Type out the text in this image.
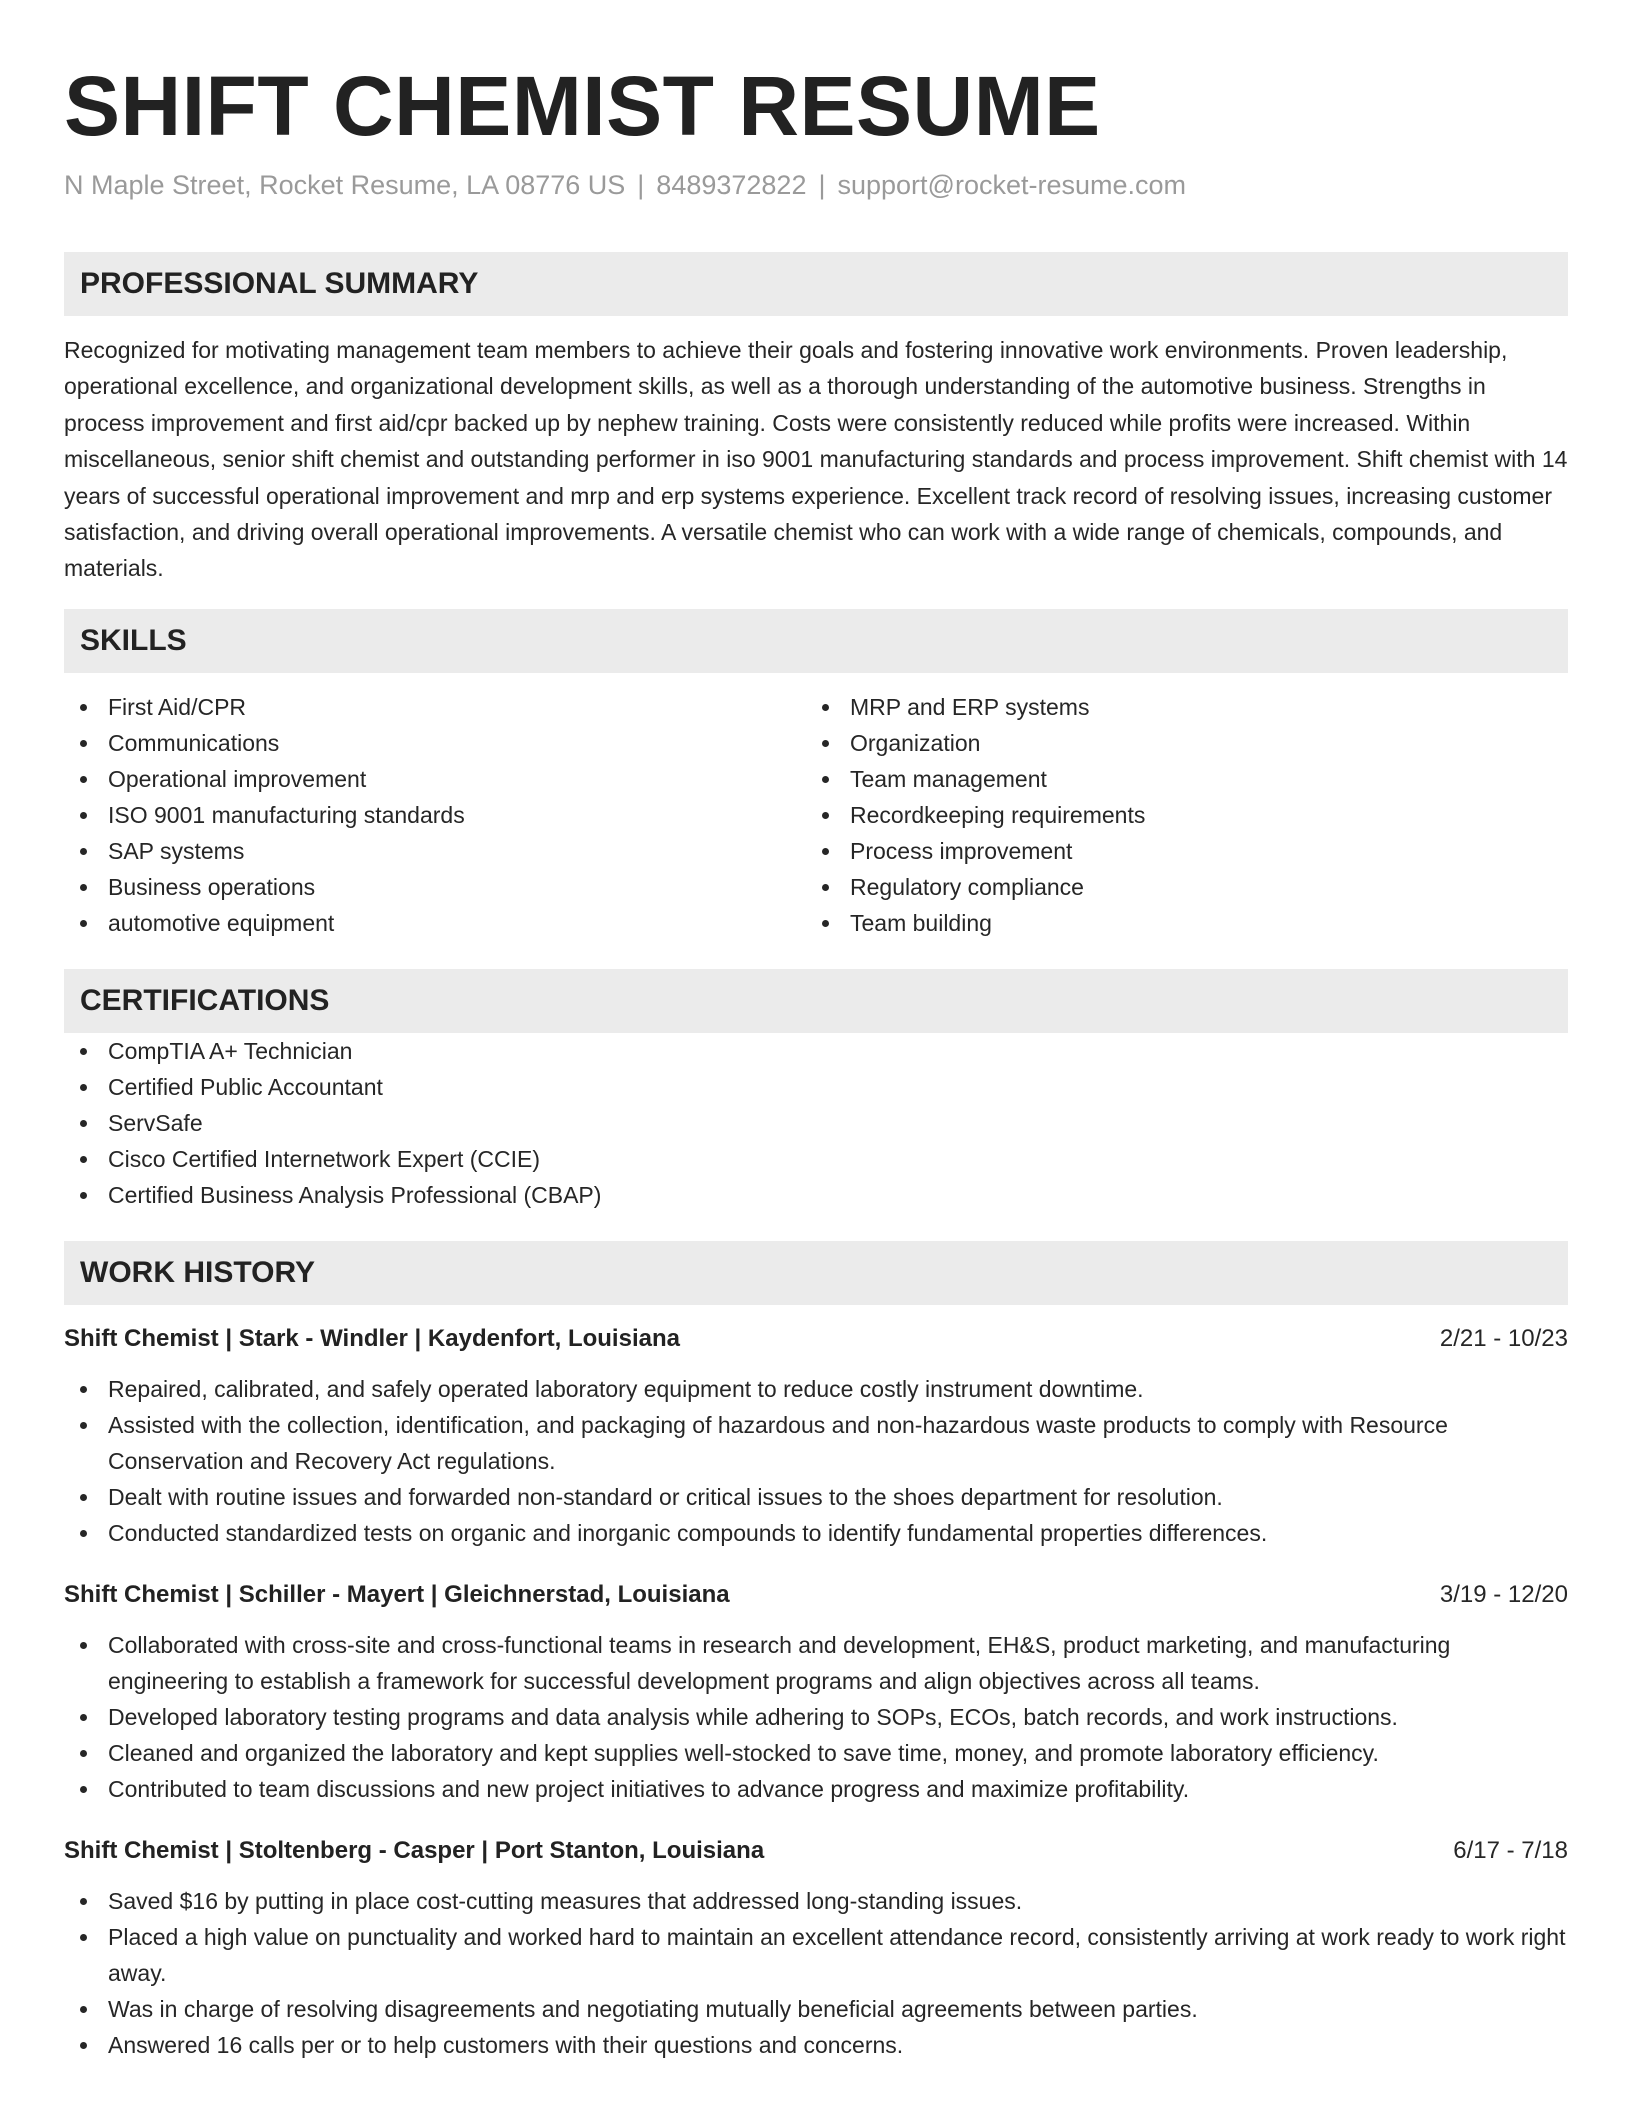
SHIFT CHEMIST RESUME
N Maple Street, Rocket Resume, LA 08776 US | 8489372822 | support@rocket-resume.com
PROFESSIONAL SUMMARY

Recognized for motivating management team members to achieve their goals and fostering innovative work environments. Proven leadership, operational excellence, and organizational development skills, as well as a thorough understanding of the automotive business. Strengths in process improvement and first aid/cpr backed up by nephew training. Costs were consistently reduced while profits were increased. Within miscellaneous, senior shift chemist and outstanding performer in iso 9001 manufacturing standards and process improvement. Shift chemist with 14 years of successful operational improvement and mrp and erp systems experience. Excellent track record of resolving issues, increasing customer satisfaction, and driving overall operational improvements. A versatile chemist who can work with a wide range of chemicals, compounds, and materials.

SKILLS
First Aid/CPR
Communications
Operational improvement
ISO 9001 manufacturing standards
SAP systems
Business operations
automotive equipment
MRP and ERP systems
Organization
Team management
Recordkeeping requirements
Process improvement
Regulatory compliance
Team building
CERTIFICATIONS
CompTIA A+ Technician
Certified Public Accountant
ServSafe
Cisco Certified Internetwork Expert (CCIE)
Certified Business Analysis Professional (CBAP)
WORK HISTORY
Shift Chemist | Stark - Windler | Kaydenfort, Louisiana	2/21 - 10/23
Repaired, calibrated, and safely operated laboratory equipment to reduce costly instrument downtime.
Assisted with the collection, identification, and packaging of hazardous and non-hazardous waste products to comply with Resource Conservation and Recovery Act regulations.
Dealt with routine issues and forwarded non-standard or critical issues to the shoes department for resolution.
Conducted standardized tests on organic and inorganic compounds to identify fundamental properties differences.
Shift Chemist | Schiller - Mayert | Gleichnerstad, Louisiana	3/19 - 12/20
Collaborated with cross-site and cross-functional teams in research and development, EH&S, product marketing, and manufacturing engineering to establish a framework for successful development programs and align objectives across all teams.
Developed laboratory testing programs and data analysis while adhering to SOPs, ECOs, batch records, and work instructions.
Cleaned and organized the laboratory and kept supplies well-stocked to save time, money, and promote laboratory efficiency.
Contributed to team discussions and new project initiatives to advance progress and maximize profitability.
Shift Chemist | Stoltenberg - Casper | Port Stanton, Louisiana	6/17 - 7/18
Saved $16 by putting in place cost-cutting measures that addressed long-standing issues.
Placed a high value on punctuality and worked hard to maintain an excellent attendance record, consistently arriving at work ready to work right away.
Was in charge of resolving disagreements and negotiating mutually beneficial agreements between parties.
Answered 16 calls per or to help customers with their questions and concerns.
